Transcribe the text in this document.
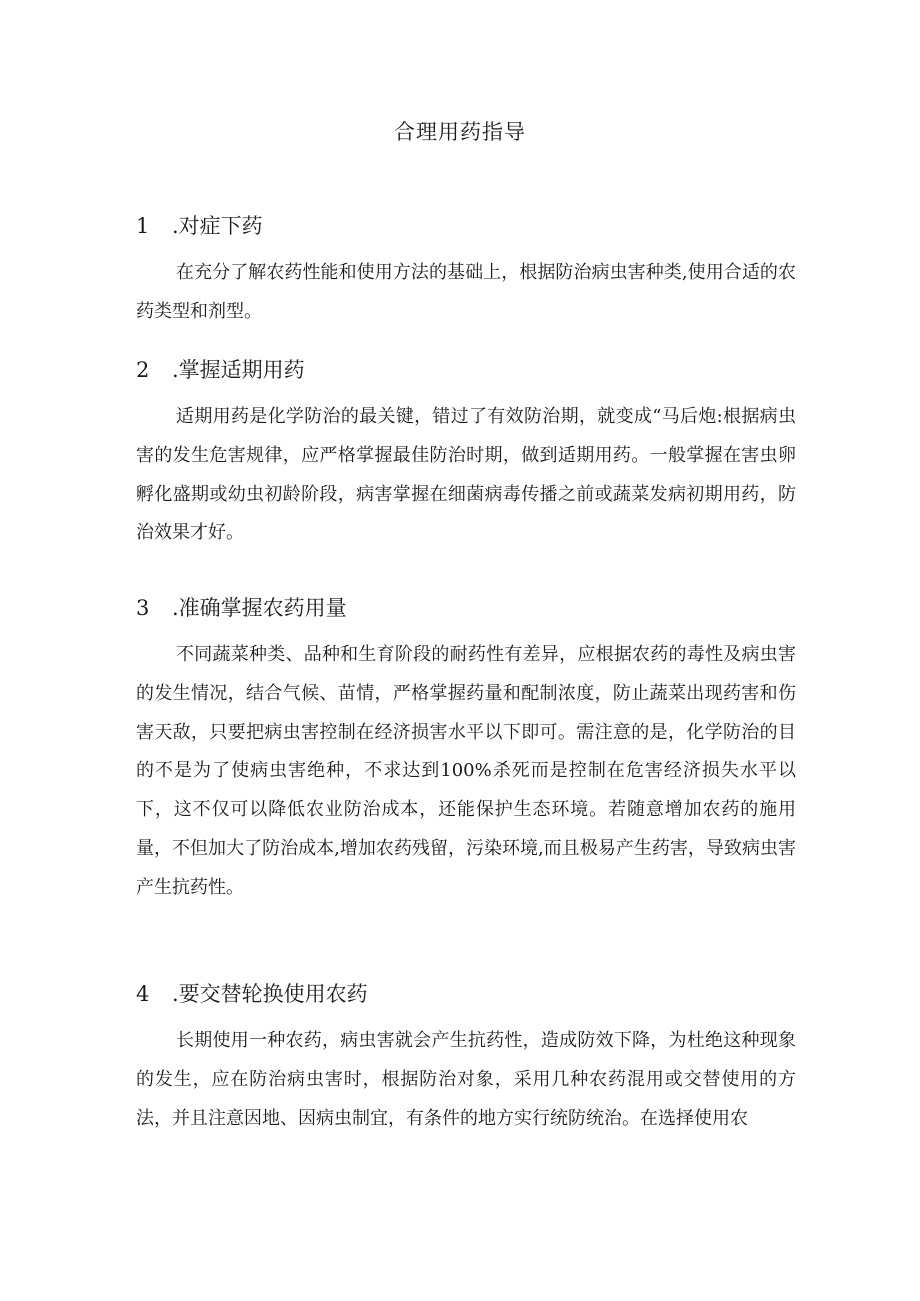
合理用药指导
1 .对症下药

在充分了解农药性能和使用方法的基础上，根据防治病虫害种类,使用合适的农药类型和剂型。

2 .掌握适期用药

适期用药是化学防治的最关键，错过了有效防治期，就变成“马后炮:根据病虫害的发生危害规律，应严格掌握最佳防治时期，做到适期用药。一般掌握在害虫卵孵化盛期或幼虫初龄阶段，病害掌握在细菌病毒传播之前或蔬菜发病初期用药，防治效果才好。

3 .准确掌握农药用量

不同蔬菜种类、品种和生育阶段的耐药性有差异，应根据农药的毒性及病虫害的发生情况，结合气候、苗情，严格掌握药量和配制浓度，防止蔬菜出现药害和伤害天敌，只要把病虫害控制在经济损害水平以下即可。需注意的是，化学防治的目的不是为了使病虫害绝种，不求达到100%杀死而是控制在危害经济损失水平以下，这不仅可以降低农业防治成本，还能保护生态环境。若随意增加农药的施用量，不但加大了防治成本,增加农药残留，污染环境,而且极易产生药害，导致病虫害产生抗药性。

4 .要交替轮换使用农药

长期使用一种农药，病虫害就会产生抗药性，造成防效下降，为杜绝这种现象的发生，应在防治病虫害时，根据防治对象，采用几种农药混用或交替使用的方法，并且注意因地、因病虫制宜，有条件的地方实行统防统治。在选择使用农
